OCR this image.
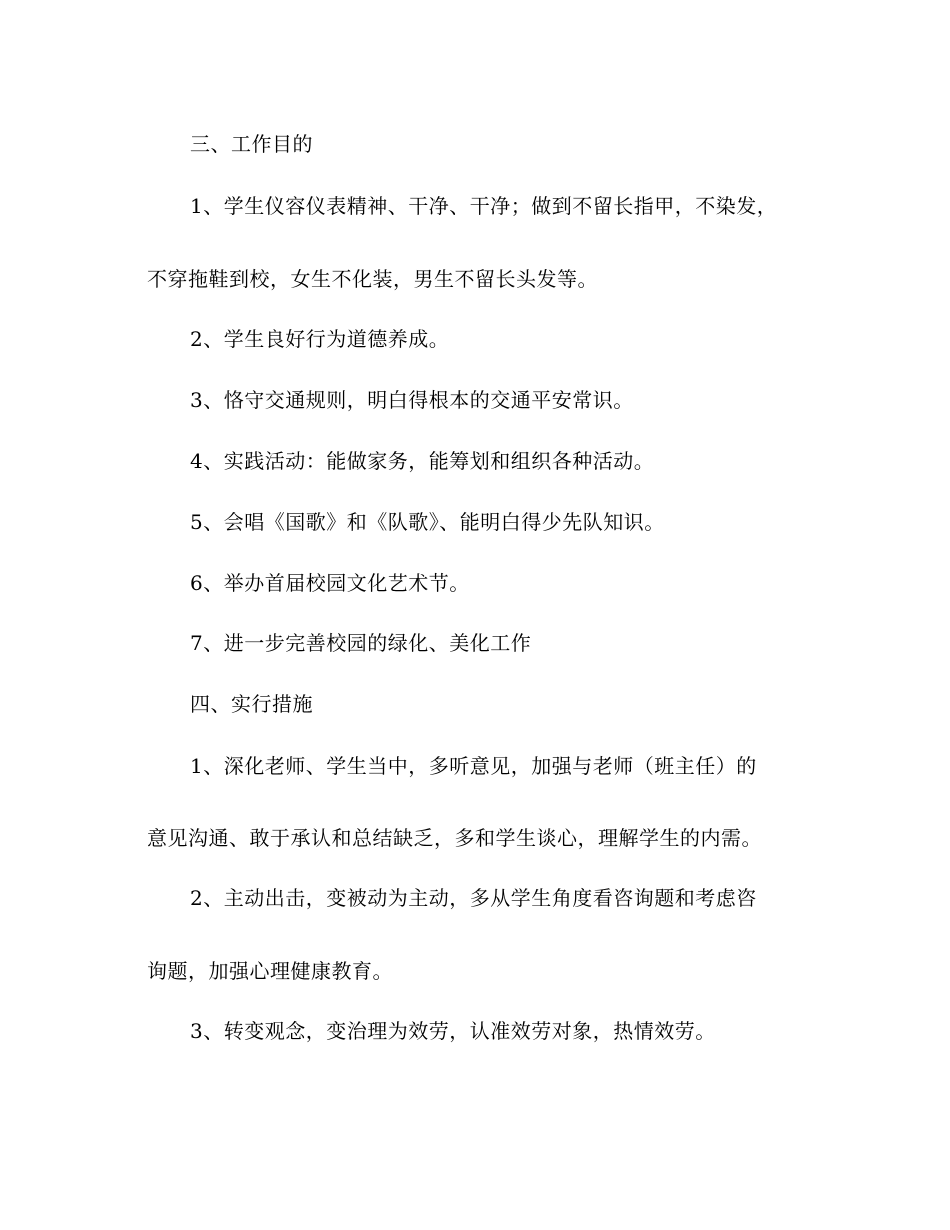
三、工作目的
1、学生仪容仪表精神、干净、干净；做到不留长指甲，不染发，
不穿拖鞋到校，女生不化装，男生不留长头发等。
2、学生良好行为道德养成。
3、恪守交通规则，明白得根本的交通平安常识。
4、实践活动：能做家务，能筹划和组织各种活动。
5、会唱《国歌》和《队歌》、能明白得少先队知识。
6、举办首届校园文化艺术节。
7、进一步完善校园的绿化、美化工作
四、实行措施
1、深化老师、学生当中，多听意见，加强与老师（班主任）的
意见沟通、敢于承认和总结缺乏，多和学生谈心，理解学生的内需。
2、主动出击，变被动为主动，多从学生角度看咨询题和考虑咨
询题，加强心理健康教育。
3、转变观念，变治理为效劳，认准效劳对象，热情效劳。
